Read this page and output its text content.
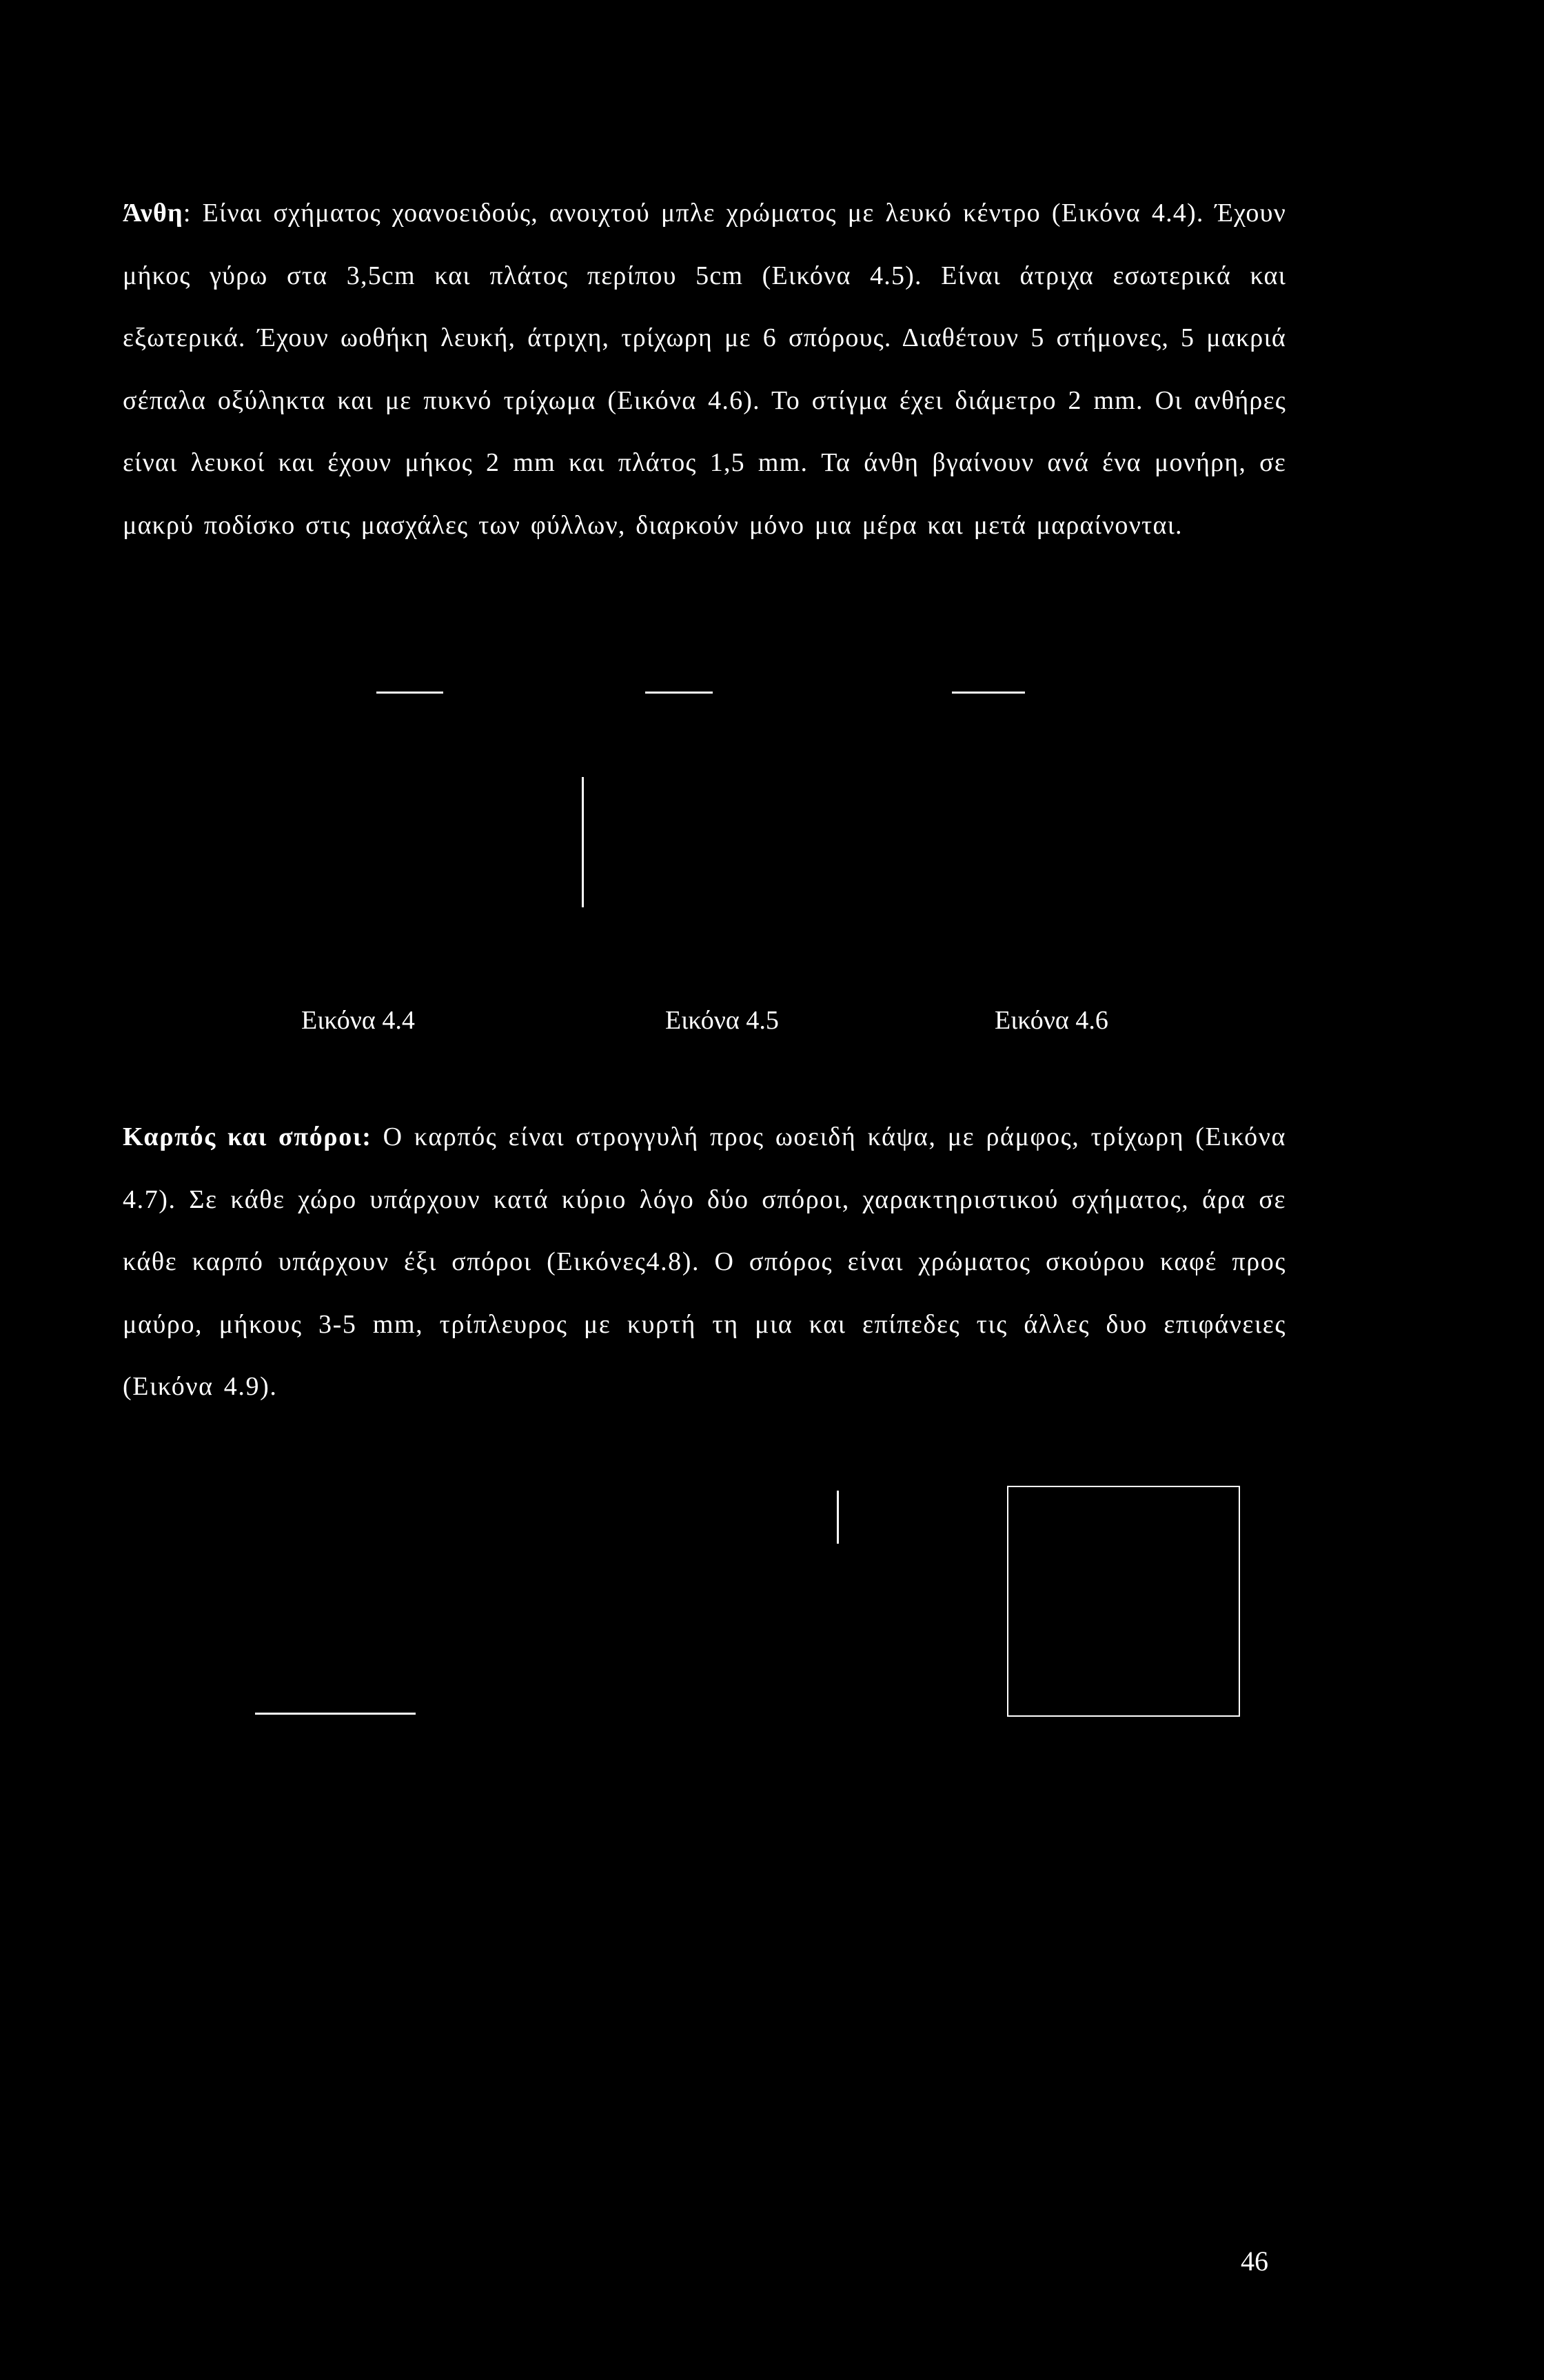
Άνθη: Είναι σχήματος χοανοειδούς, ανοιχτού μπλε χρώματος με λευκό κέντρο (Εικόνα 4.4). Έχουν μήκος γύρω στα 3,5cm και πλάτος περίπου 5cm (Εικόνα 4.5). Είναι άτριχα εσωτερικά και εξωτερικά. Έχουν ωοθήκη λευκή, άτριχη, τρίχωρη με 6 σπόρους. Διαθέτουν 5 στήμονες, 5 μακριά σέπαλα οξύληκτα και με πυκνό τρίχωμα (Εικόνα 4.6). Το στίγμα έχει διάμετρο 2 mm. Οι ανθήρες είναι λευκοί και έχουν μήκος 2 mm και πλάτος 1,5 mm. Τα άνθη βγαίνουν ανά ένα μονήρη, σε μακρύ ποδίσκο στις μασχάλες των φύλλων, διαρκούν μόνο μια μέρα και μετά μαραίνονται.

Εικόνα 4.4	Εικόνα 4.5	Εικόνα 4.6

Καρπός και σπόροι: Ο καρπός είναι στρογγυλή προς ωοειδή κάψα, με ράμφος, τρίχωρη (Εικόνα 4.7). Σε κάθε χώρο υπάρχουν κατά κύριο λόγο δύο σπόροι, χαρακτηριστικού σχήματος, άρα σε κάθε καρπό υπάρχουν έξι σπόροι (Εικόνες4.8). Ο σπόρος είναι χρώματος σκούρου καφέ προς μαύρο, μήκους 3-5 mm, τρίπλευρος με κυρτή τη μια και επίπεδες τις άλλες δυο επιφάνειες (Εικόνα 4.9).

46
